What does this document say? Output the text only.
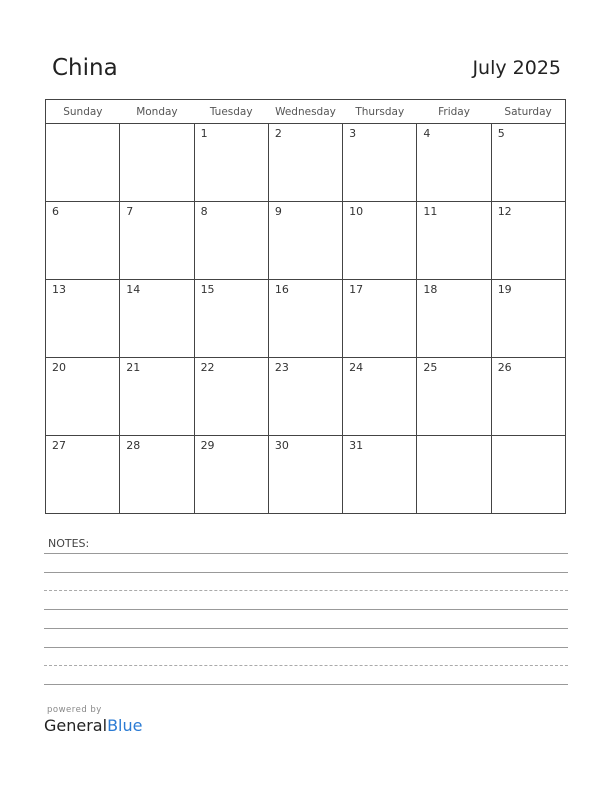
China	July 2025
Sunday	Monday	Tuesday	Wednesday	Thursday	Friday	Saturday

		1	2	3	4	5

6	7	8	9	10	11	12

13	14	15	16	17	18	19

20	21	22	23	24	25	26

27	28	29	30	31		

NOTES:
powered by
GeneralBlue
